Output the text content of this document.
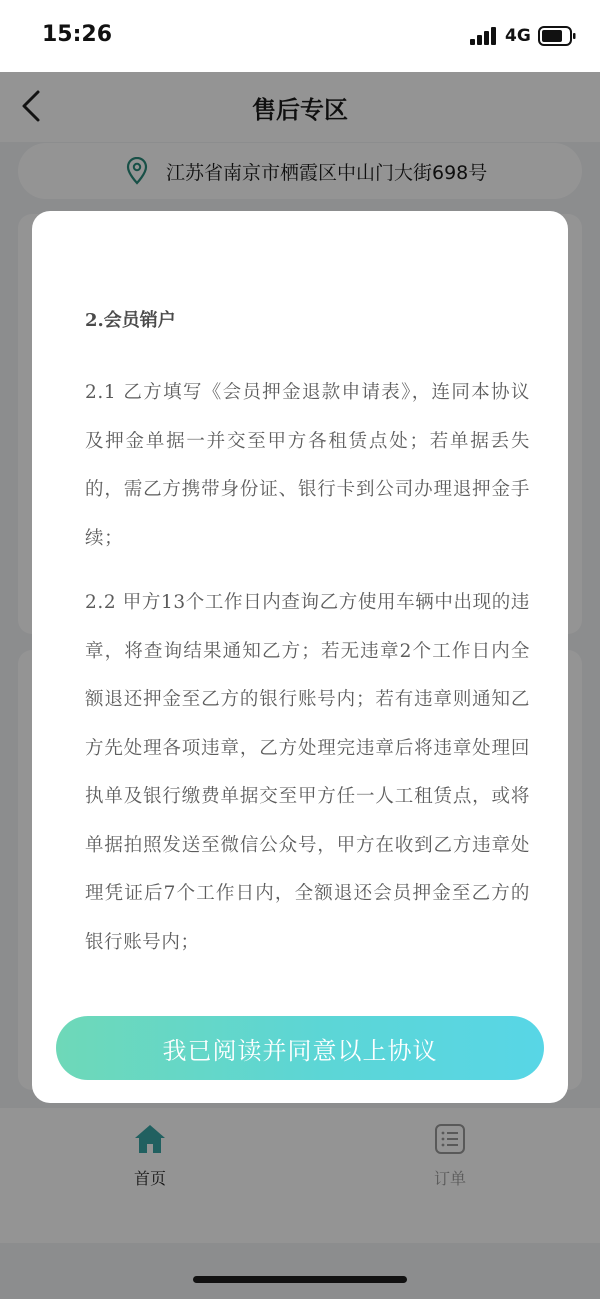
15:26	4G
售后专区
江苏省南京市栖霞区中山门大街698号
首页	订单

2.会员销户

2.1 乙方填写《会员押金退款申请表》，连同本协议及押金单据一并交至甲方各租赁点处；若单据丢失的，需乙方携带身份证、银行卡到公司办理退押金手续；

2.2 甲方13个工作日内查询乙方使用车辆中出现的违章，将查询结果通知乙方；若无违章2个工作日内全额退还押金至乙方的银行账号内；若有违章则通知乙方先处理各项违章，乙方处理完违章后将违章处理回执单及银行缴费单据交至甲方任一人工租赁点，或将单据拍照发送至微信公众号，甲方在收到乙方违章处理凭证后7个工作日内，全额退还会员押金至乙方的银行账号内；

我已阅读并同意以上协议
